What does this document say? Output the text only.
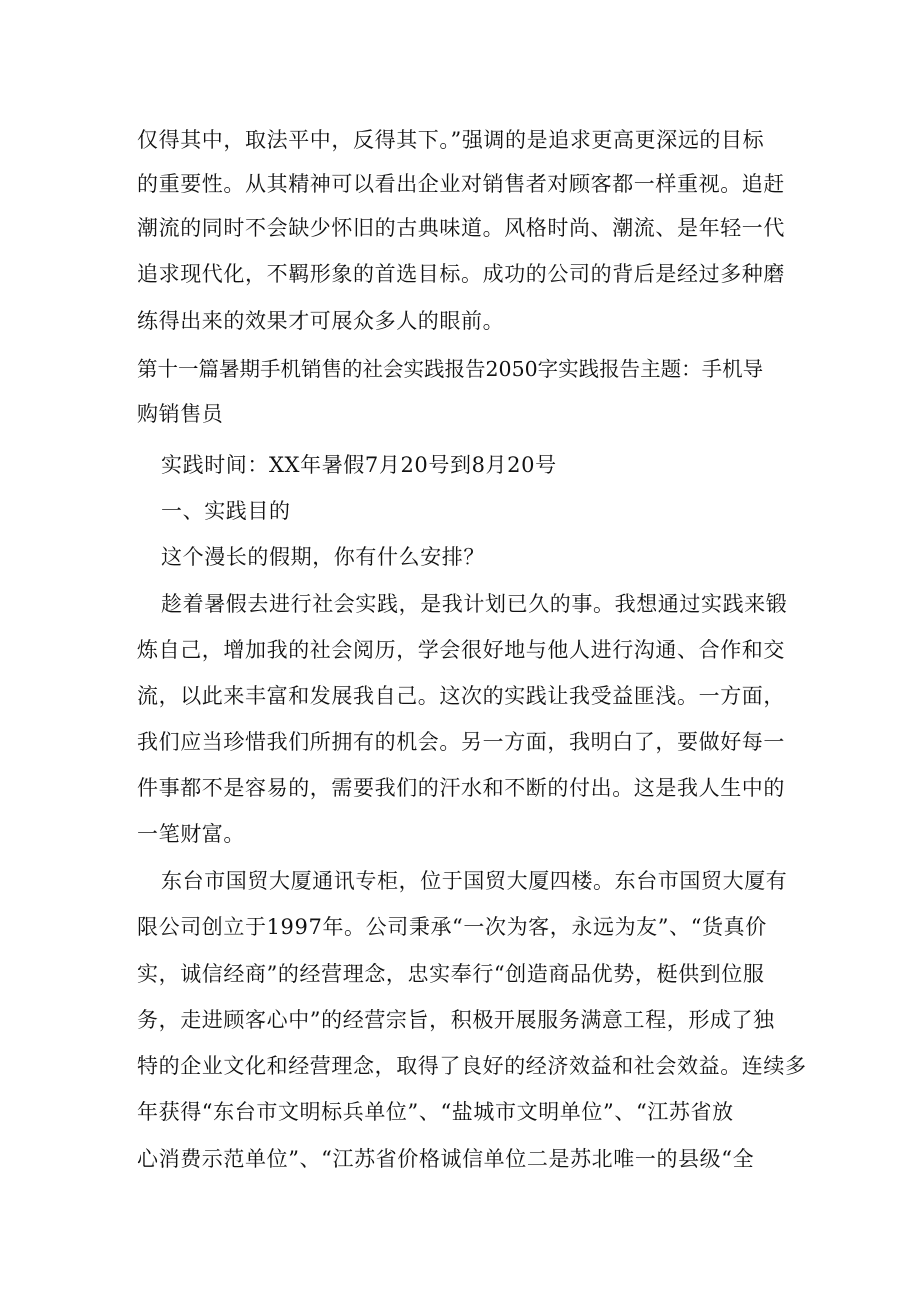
仅得其中，取法平中，反得其下。”强调的是追求更高更深远的目标
的重要性。从其精神可以看出企业对销售者对顾客都一样重视。追赶
潮流的同时不会缺少怀旧的古典味道。风格时尚、潮流、是年轻一代
追求现代化，不羁形象的首选目标。成功的公司的背后是经过多种磨
练得出来的效果才可展众多人的眼前。
第十一篇暑期手机销售的社会实践报告2050字实践报告主题：手机导
购销售员
实践时间：XX年暑假7月20号到8月20号
一、实践目的
这个漫长的假期，你有什么安排？
趁着暑假去进行社会实践，是我计划已久的事。我想通过实践来锻
炼自己，增加我的社会阅历，学会很好地与他人进行沟通、合作和交
流，以此来丰富和发展我自己。这次的实践让我受益匪浅。一方面，
我们应当珍惜我们所拥有的机会。另一方面，我明白了，要做好每一
件事都不是容易的，需要我们的汗水和不断的付出。这是我人生中的
一笔财富。
东台市国贸大厦通讯专柜，位于国贸大厦四楼。东台市国贸大厦有
限公司创立于1997年。公司秉承“一次为客，永远为友”、“货真价
实，诚信经商”的经营理念，忠实奉行“创造商品优势，梃供到位服
务，走进顾客心中”的经营宗旨，积极开展服务满意工程，形成了独
特的企业文化和经营理念，取得了良好的经济效益和社会效益。连续多
年获得“东台市文明标兵单位”、“盐城市文明单位”、“江苏省放
心消费示范单位”、“江苏省价格诚信单位二是苏北唯一的县级“全
